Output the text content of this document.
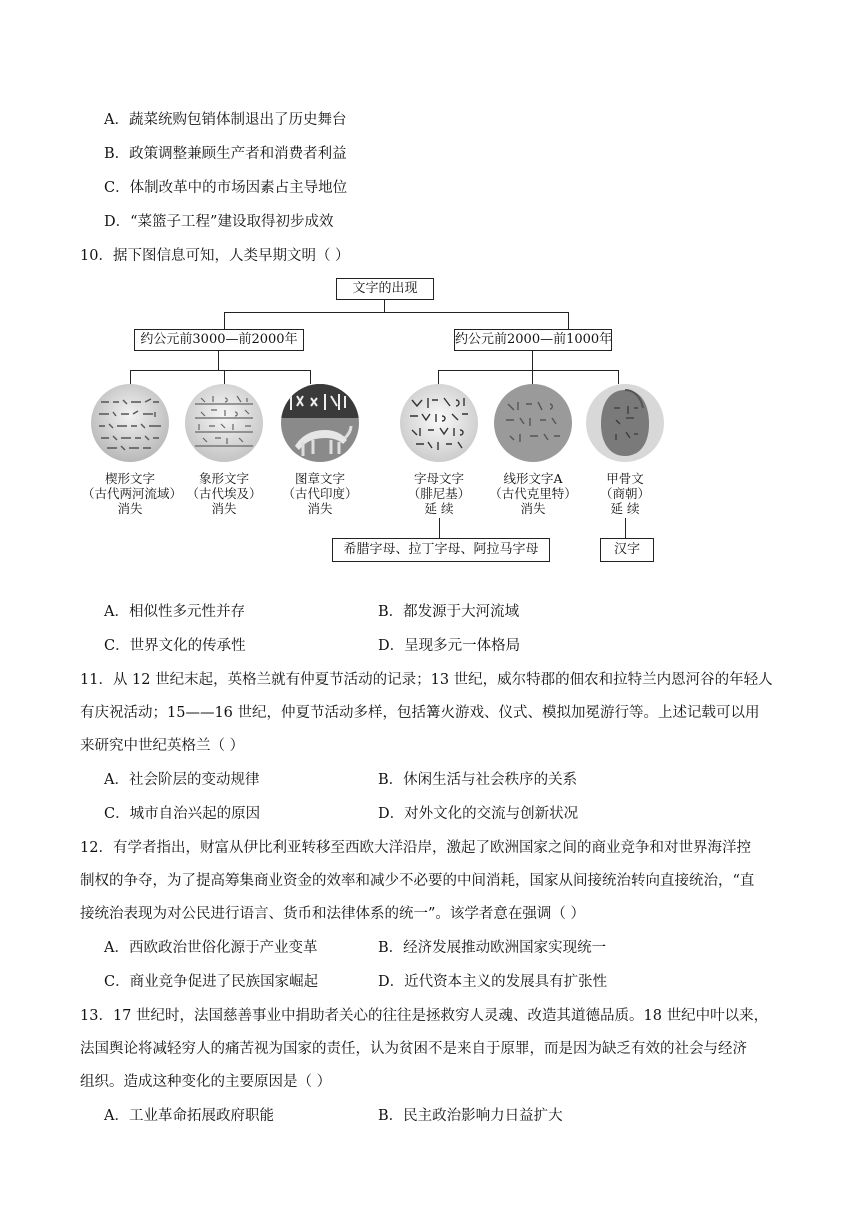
A．蔬菜统购包销体制退出了历史舞台
B．政策调整兼顾生产者和消费者利益
C．体制改革中的市场因素占主导地位
D．“菜篮子工程”建设取得初步成效
10．据下图信息可知，人类早期文明（ ）
文字的出现
约公元前3000—前2000年	约公元前2000—前1000年
楔形文字
（古代两河流域）
消失
象形文字
（古代埃及）
消失
图章文字
（古代印度）
消失
字母文字
（腓尼基）
延 续
线形文字A
（古代克里特）
消失
甲骨文
（商朝）
延 续
希腊字母、拉丁字母、阿拉马字母	汉字
A．相似性多元性并存	B．都发源于大河流域
C．世界文化的传承性	D．呈现多元一体格局
11．从 12 世纪末起，英格兰就有仲夏节活动的记录；13 世纪，威尔特郡的佃农和拉特兰内恩河谷的年轻人
有庆祝活动；15——16 世纪，仲夏节活动多样，包括篝火游戏、仪式、模拟加冕游行等。上述记载可以用
来研究中世纪英格兰（ ）
A．社会阶层的变动规律	B．休闲生活与社会秩序的关系
C．城市自治兴起的原因	D．对外文化的交流与创新状况
12．有学者指出，财富从伊比利亚转移至西欧大洋沿岸，激起了欧洲国家之间的商业竞争和对世界海洋控
制权的争夺，为了提高筹集商业资金的效率和减少不必要的中间消耗，国家从间接统治转向直接统治，“直
接统治表现为对公民进行语言、货币和法律体系的统一”。该学者意在强调（ ）
A．西欧政治世俗化源于产业变革	B．经济发展推动欧洲国家实现统一
C．商业竞争促进了民族国家崛起	D．近代资本主义的发展具有扩张性
13．17 世纪时，法国慈善事业中捐助者关心的往往是拯救穷人灵魂、改造其道德品质。18 世纪中叶以来，
法国舆论将减轻穷人的痛苦视为国家的责任，认为贫困不是来自于原罪，而是因为缺乏有效的社会与经济
组织。造成这种变化的主要原因是（ ）
A．工业革命拓展政府职能	B．民主政治影响力日益扩大
